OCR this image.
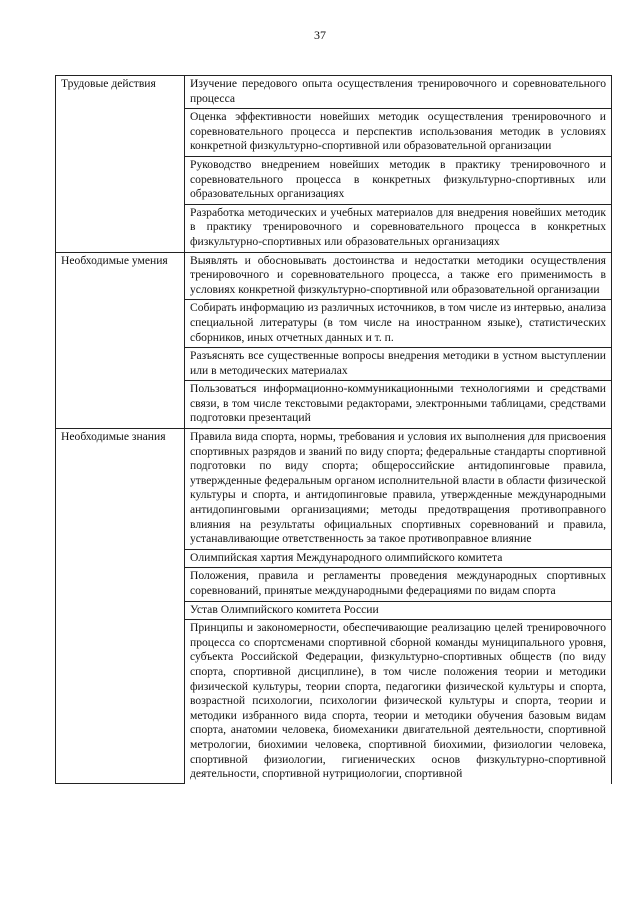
37
Трудовые действия	Изучение передового опыта осуществления тренировочного и соревновательного процесса
	Оценка эффективности новейших методик осуществления тренировочного и соревновательного процесса и перспектив использования методик в условиях конкретной физкультурно-спортивной или образовательной организации
	Руководство внедрением новейших методик в практику тренировочного и соревновательного процесса в конкретных физкультурно-спортивных или образовательных организациях
	Разработка методических и учебных материалов для внедрения новейших методик в практику тренировочного и соревновательного процесса в конкретных физкультурно-спортивных или образовательных организациях
Необходимые умения	Выявлять и обосновывать достоинства и недостатки методики осуществления тренировочного и соревновательного процесса, а также его применимость в условиях конкретной физкультурно-спортивной или образовательной организации
	Собирать информацию из различных источников, в том числе из интервью, анализа специальной литературы (в том числе на иностранном языке), статистических сборников, иных отчетных данных и т. п.
	Разъяснять все существенные вопросы внедрения методики в устном выступлении или в методических материалах
	Пользоваться информационно-коммуникационными технологиями и средствами связи, в том числе текстовыми редакторами, электронными таблицами, средствами подготовки презентаций
Необходимые знания	Правила вида спорта, нормы, требования и условия их выполнения для присвоения спортивных разрядов и званий по виду спорта; федеральные стандарты спортивной подготовки по виду спорта; общероссийские антидопинговые правила, утвержденные федеральным органом исполнительной власти в области физической культуры и спорта, и антидопинговые правила, утвержденные международными антидопинговыми организациями; методы предотвращения противоправного влияния на результаты официальных спортивных соревнований и правила, устанавливающие ответственность за такое противоправное влияние
	Олимпийская хартия Международного олимпийского комитета
	Положения, правила и регламенты проведения международных спортивных соревнований, принятые международными федерациями по видам спорта
	Устав Олимпийского комитета России
	Принципы и закономерности, обеспечивающие реализацию целей тренировочного процесса со спортсменами спортивной сборной команды муниципального уровня, субъекта Российской Федерации, физкультурно-спортивных обществ (по виду спорта, спортивной дисциплине), в том числе положения теории и методики физической культуры, теории спорта, педагогики физической культуры и спорта, возрастной психологии, психологии физической культуры и спорта, теории и методики избранного вида спорта, теории и методики обучения базовым видам спорта, анатомии человека, биомеханики двигательной деятельности, спортивной метрологии, биохимии человека, спортивной биохимии, физиологии человека, спортивной физиологии, гигиенических основ физкультурно-спортивной деятельности, спортивной нутрициологии, спортивной
